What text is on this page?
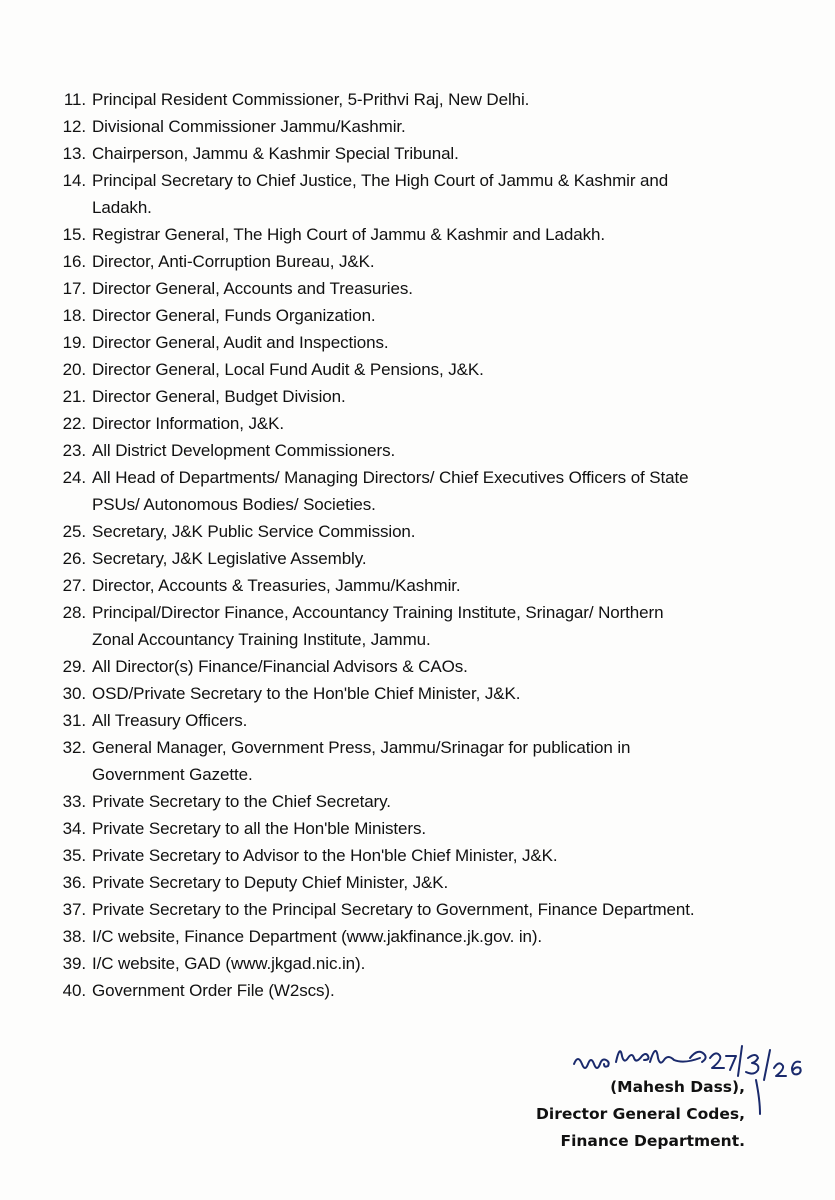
11. Principal Resident Commissioner, 5-Prithvi Raj, New Delhi.
12. Divisional Commissioner Jammu/Kashmir.
13. Chairperson, Jammu & Kashmir Special Tribunal.
14. Principal Secretary to Chief Justice, The High Court of Jammu & Kashmir and
Ladakh.
15. Registrar General, The High Court of Jammu & Kashmir and Ladakh.
16. Director, Anti-Corruption Bureau, J&K.
17. Director General, Accounts and Treasuries.
18. Director General, Funds Organization.
19. Director General, Audit and Inspections.
20. Director General, Local Fund Audit & Pensions, J&K.
21. Director General, Budget Division.
22. Director Information, J&K.
23. All District Development Commissioners.
24. All Head of Departments/ Managing Directors/ Chief Executives Officers of State
PSUs/ Autonomous Bodies/ Societies.
25. Secretary, J&K Public Service Commission.
26. Secretary, J&K Legislative Assembly.
27. Director, Accounts & Treasuries, Jammu/Kashmir.
28. Principal/Director Finance, Accountancy Training Institute, Srinagar/ Northern
Zonal Accountancy Training Institute, Jammu.
29. All Director(s) Finance/Financial Advisors & CAOs.
30. OSD/Private Secretary to the Hon'ble Chief Minister, J&K.
31. All Treasury Officers.
32. General Manager, Government Press, Jammu/Srinagar for publication in
Government Gazette.
33. Private Secretary to the Chief Secretary.
34. Private Secretary to all the Hon'ble Ministers.
35. Private Secretary to Advisor to the Hon'ble Chief Minister, J&K.
36. Private Secretary to Deputy Chief Minister, J&K.
37. Private Secretary to the Principal Secretary to Government, Finance Department.
38. I/C website, Finance Department (www.jakfinance.jk.gov. in).
39. I/C website, GAD (www.jkgad.nic.in).
40. Government Order File (W2scs).
(Mahesh Dass),
Director General Codes,
Finance Department.
